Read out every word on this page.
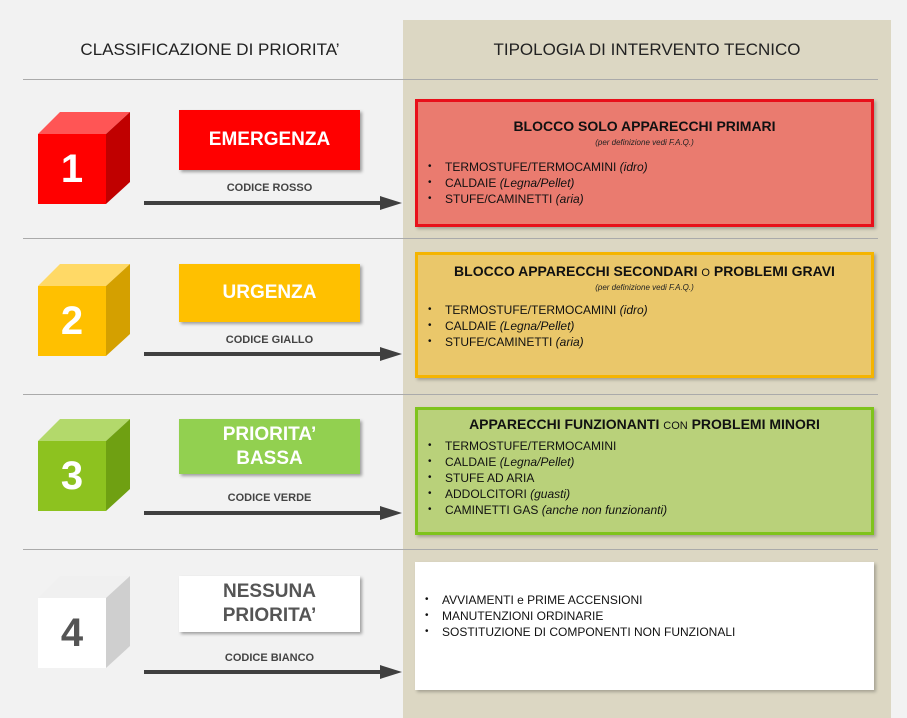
CLASSIFICAZIONE DI PRIORITA’	TIPOLOGIA DI INTERVENTO TECNICO
1
EMERGENZA
CODICE ROSSO
BLOCCO SOLO APPARECCHI PRIMARI
(per definizione vedi F.A.Q.)
• TERMOSTUFE/TERMOCAMINI (idro)
• CALDAIE (Legna/Pellet)
• STUFE/CAMINETTI (aria)
2
URGENZA
CODICE GIALLO
BLOCCO APPARECCHI SECONDARI O PROBLEMI GRAVI
(per definizione vedi F.A.Q.)
• TERMOSTUFE/TERMOCAMINI (idro)
• CALDAIE (Legna/Pellet)
• STUFE/CAMINETTI (aria)
3
PRIORITA’
BASSA
CODICE VERDE
APPARECCHI FUNZIONANTI CON PROBLEMI MINORI
• TERMOSTUFE/TERMOCAMINI
• CALDAIE (Legna/Pellet)
• STUFE AD ARIA
• ADDOLCITORI (guasti)
• CAMINETTI GAS (anche non funzionanti)
4
NESSUNA
PRIORITA’
CODICE BIANCO
• AVVIAMENTI e PRIME ACCENSIONI
• MANUTENZIONI ORDINARIE
• SOSTITUZIONE DI COMPONENTI NON FUNZIONALI
